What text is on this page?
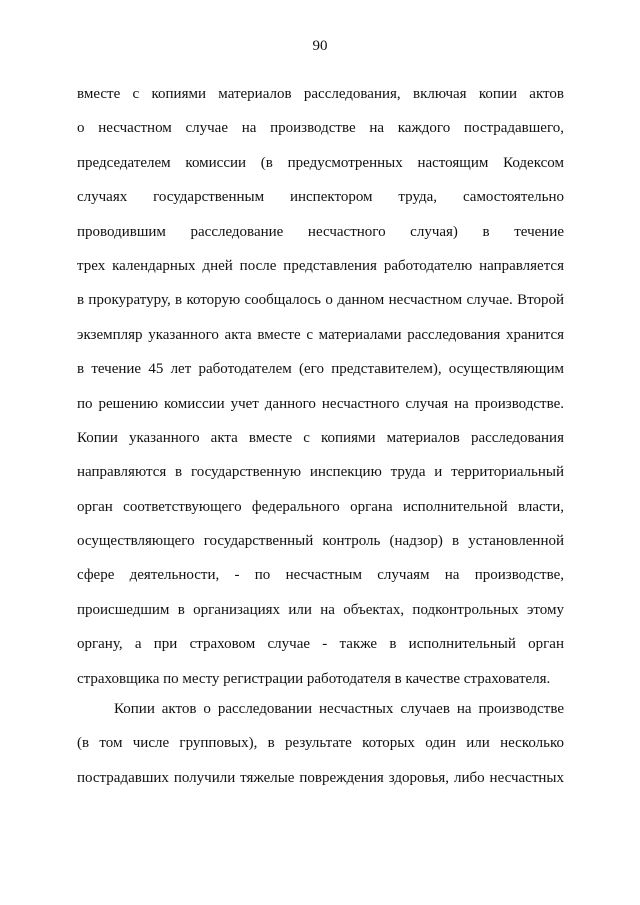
90
вместе с копиями материалов расследования, включая копии актов
о несчастном случае на производстве на каждого пострадавшего,
председателем комиссии (в предусмотренных настоящим Кодексом
случаях государственным инспектором труда, самостоятельно
проводившим расследование несчастного случая) в течение
трех календарных дней после представления работодателю направляется
в прокуратуру, в которую сообщалось о данном несчастном случае. Второй
экземпляр указанного акта вместе с материалами расследования хранится
в течение 45 лет работодателем (его представителем), осуществляющим
по решению комиссии учет данного несчастного случая на производстве.
Копии указанного акта вместе с копиями материалов расследования
направляются в государственную инспекцию труда и территориальный
орган соответствующего федерального органа исполнительной власти,
осуществляющего государственный контроль (надзор) в установленной
сфере деятельности, - по несчастным случаям на производстве,
происшедшим в организациях или на объектах, подконтрольных этому
органу, а при страховом случае - также в исполнительный орган
страховщика по месту регистрации работодателя в качестве страхователя.
Копии актов о расследовании несчастных случаев на производстве
(в том числе групповых), в результате которых один или несколько
пострадавших получили тяжелые повреждения здоровья, либо несчастных
